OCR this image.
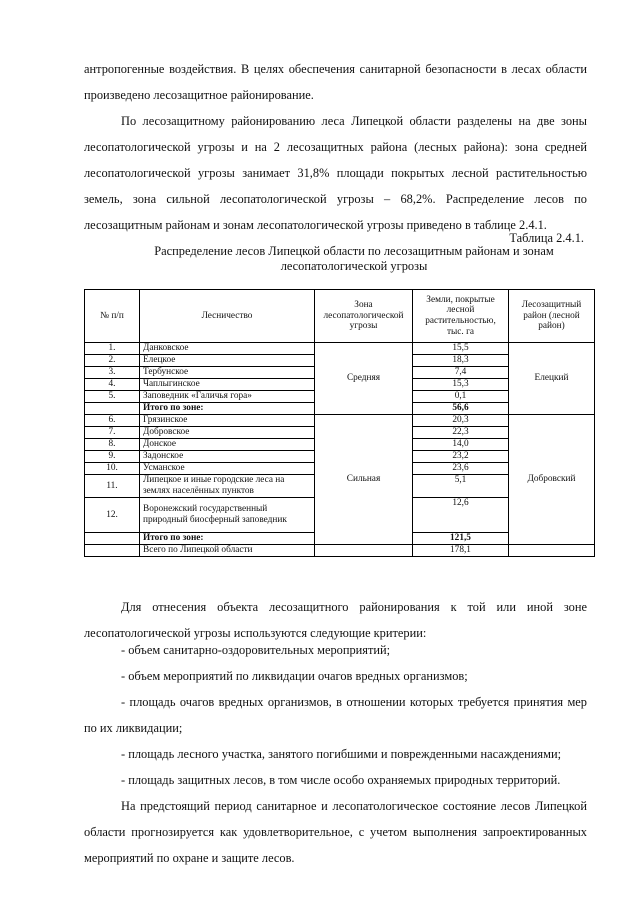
антропогенные воздействия. В целях обеспечения санитарной безопасности в лесах области произведено лесозащитное районирование.

По лесозащитному районированию леса Липецкой области разделены на две зоны лесопатологической угрозы и на 2 лесозащитных района (лесных района): зона средней лесопатологической угрозы занимает 31,8% площади покрытых лесной растительностью земель, зона сильной лесопатологической угрозы – 68,2%. Распределение лесов по лесозащитным районам и зонам лесопатологической угрозы приведено в таблице 2.4.1.

Таблица 2.4.1.
Распределение лесов Липецкой области по лесозащитным районам и зонам
лесопатологической угрозы
№ п/п	Лесничество	Зона лесопатологической угрозы	Земли, покрытые лесной растительностью, тыс. га	Лесозащитный район (лесной район)
1.	Данковское	Средняя	15,5	Елецкий
2.	Елецкое		18,3	
3.	Тербунское		7,4	
4.	Чаплыгинское		15,3	
5.	Заповедник «Галичья гора»		0,1	
	Итого по зоне:		56,6	
6.	Грязинское	Сильная	20,3	Добровский
7.	Добровское		22,3	
8.	Донское		14,0	
9.	Задонское		23,2	
10.	Усманское		23,6	
11.	Липецкое и иные городские леса на землях населённых пунктов		5,1	
12.	Воронежский государственный природный биосферный заповедник		12,6	
	Итого по зоне:		121,5	
	Всего по Липецкой области		178,1	

Для отнесения объекта лесозащитного районирования к той или иной зоне лесопатологической угрозы используются следующие критерии:

- объем санитарно-оздоровительных мероприятий;

- объем мероприятий по ликвидации очагов вредных организмов;

- площадь очагов вредных организмов, в отношении которых требуется принятия мер по их ликвидации;

- площадь лесного участка, занятого погибшими и поврежденными насаждениями;

- площадь защитных лесов, в том числе особо охраняемых природных территорий.

На предстоящий период санитарное и лесопатологическое состояние лесов Липецкой области прогнозируется как удовлетворительное, с учетом выполнения запроектированных мероприятий по охране и защите лесов.
